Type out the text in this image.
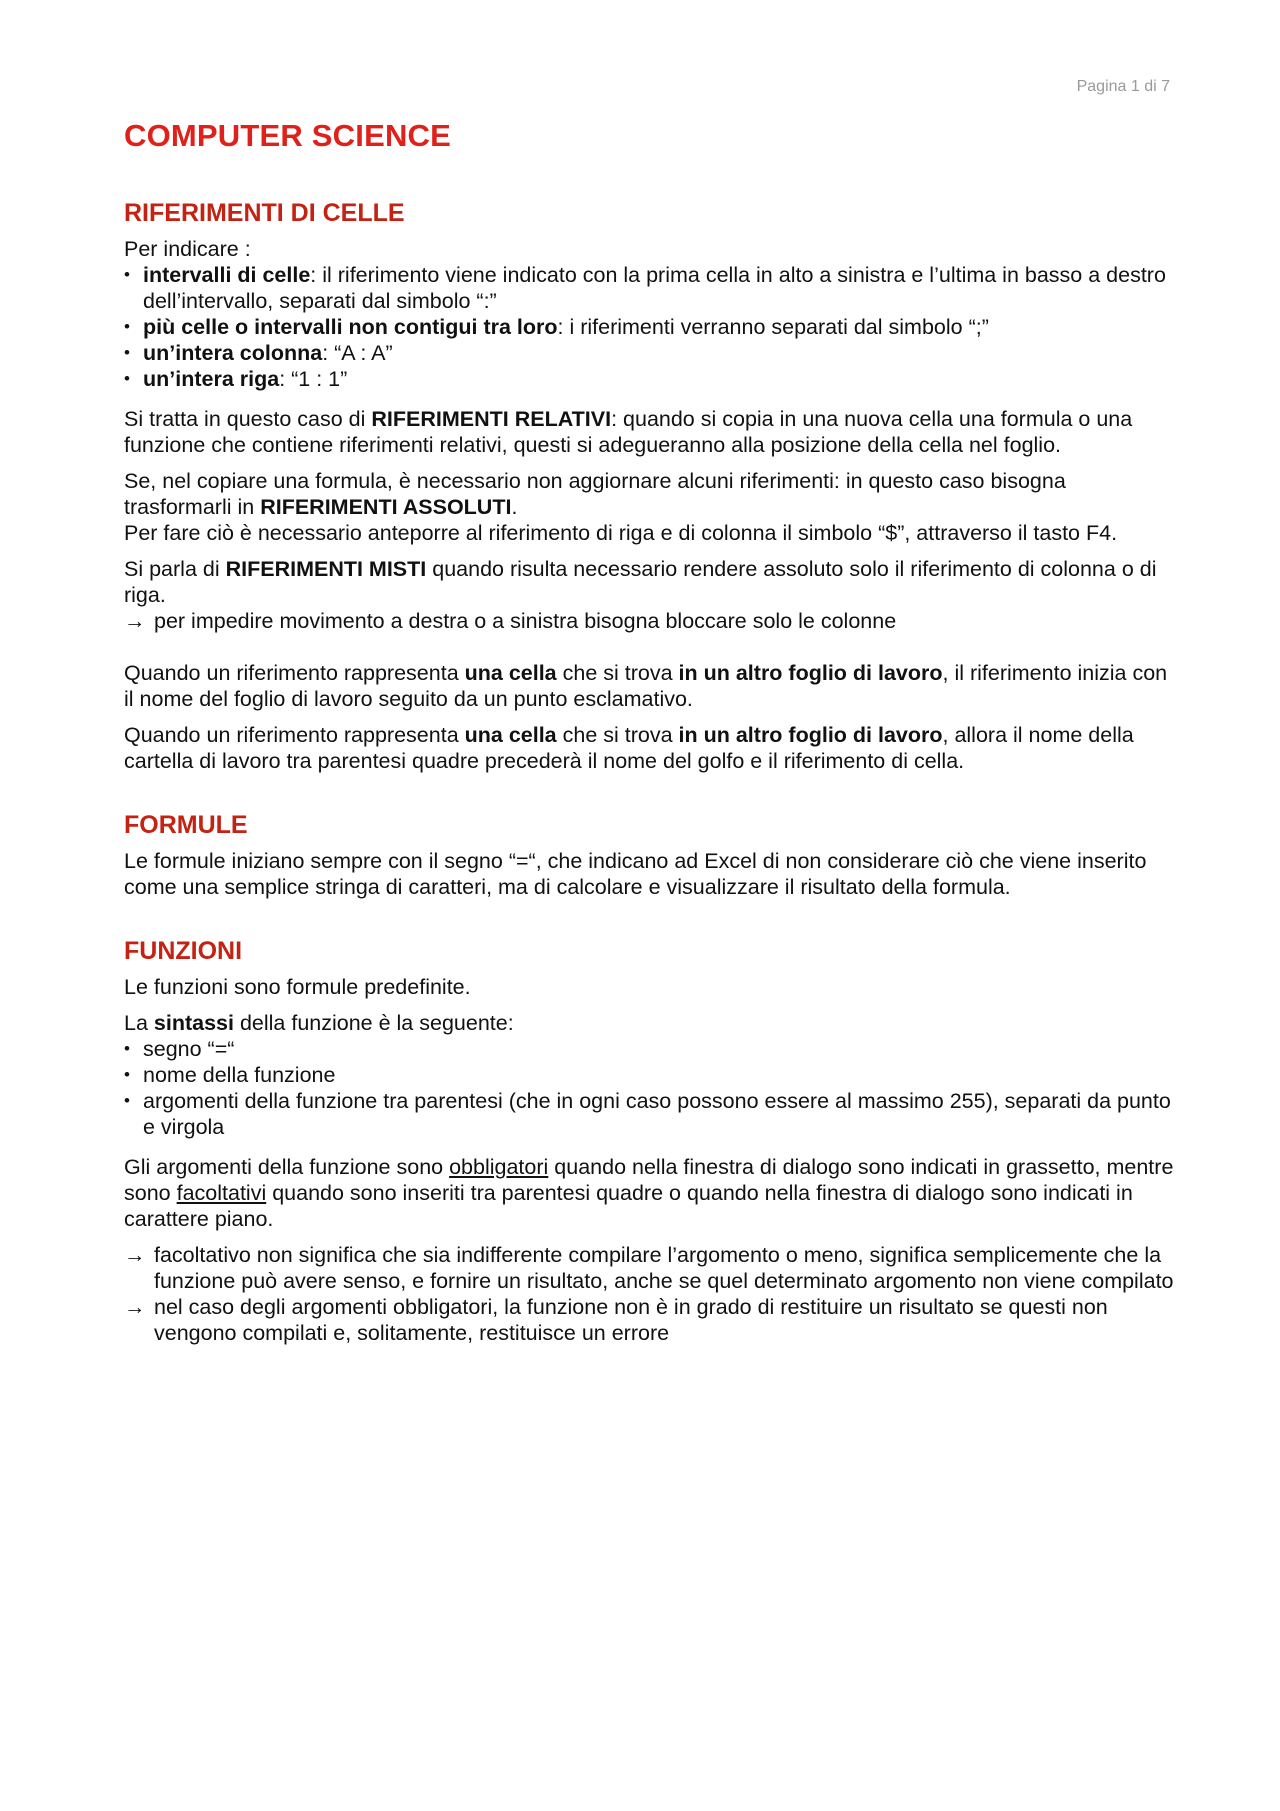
Pagina 1 di 7
COMPUTER SCIENCE
RIFERIMENTI DI CELLE

Per indicare :

• intervalli di celle: il riferimento viene indicato con la prima cella in alto a sinistra e l’ultima in basso a destro dell’intervallo, separati dal simbolo “:”
• più celle o intervalli non contigui tra loro: i riferimenti verranno separati dal simbolo “;”
• un’intera colonna: “A : A”
• un’intera riga: “1 : 1”

Si tratta in questo caso di RIFERIMENTI RELATIVI: quando si copia in una nuova cella una formula o una funzione che contiene riferimenti relativi, questi si adegueranno alla posizione della cella nel foglio.

Se, nel copiare una formula, è necessario non aggiornare alcuni riferimenti: in questo caso bisogna trasformarli in RIFERIMENTI ASSOLUTI.

Per fare ciò è necessario anteporre al riferimento di riga e di colonna il simbolo “$”, attraverso il tasto F4.

Si parla di RIFERIMENTI MISTI quando risulta necessario rendere assoluto solo il riferimento di colonna o di riga.

→ per impedire movimento a destra o a sinistra bisogna bloccare solo le colonne

Quando un riferimento rappresenta una cella che si trova in un altro foglio di lavoro, il riferimento inizia con il nome del foglio di lavoro seguito da un punto esclamativo.

Quando un riferimento rappresenta una cella che si trova in un altro foglio di lavoro, allora il nome della cartella di lavoro tra parentesi quadre precederà il nome del golfo e il riferimento di cella.

FORMULE

Le formule iniziano sempre con il segno “=“, che indicano ad Excel di non considerare ciò che viene inserito come una semplice stringa di caratteri, ma di calcolare e visualizzare il risultato della formula.

FUNZIONI

Le funzioni sono formule predefinite.

La sintassi della funzione è la seguente:

• segno “=“
• nome della funzione
• argomenti della funzione tra parentesi (che in ogni caso possono essere al massimo 255), separati da punto e virgola

Gli argomenti della funzione sono obbligatori quando nella finestra di dialogo sono indicati in grassetto, mentre sono facoltativi quando sono inseriti tra parentesi quadre o quando nella finestra di dialogo sono indicati in carattere piano.

→ facoltativo non significa che sia indifferente compilare l’argomento o meno, significa semplicemente che la funzione può avere senso, e fornire un risultato, anche se quel determinato argomento non viene compilato
→ nel caso degli argomenti obbligatori, la funzione non è in grado di restituire un risultato se questi non vengono compilati e, solitamente, restituisce un errore
